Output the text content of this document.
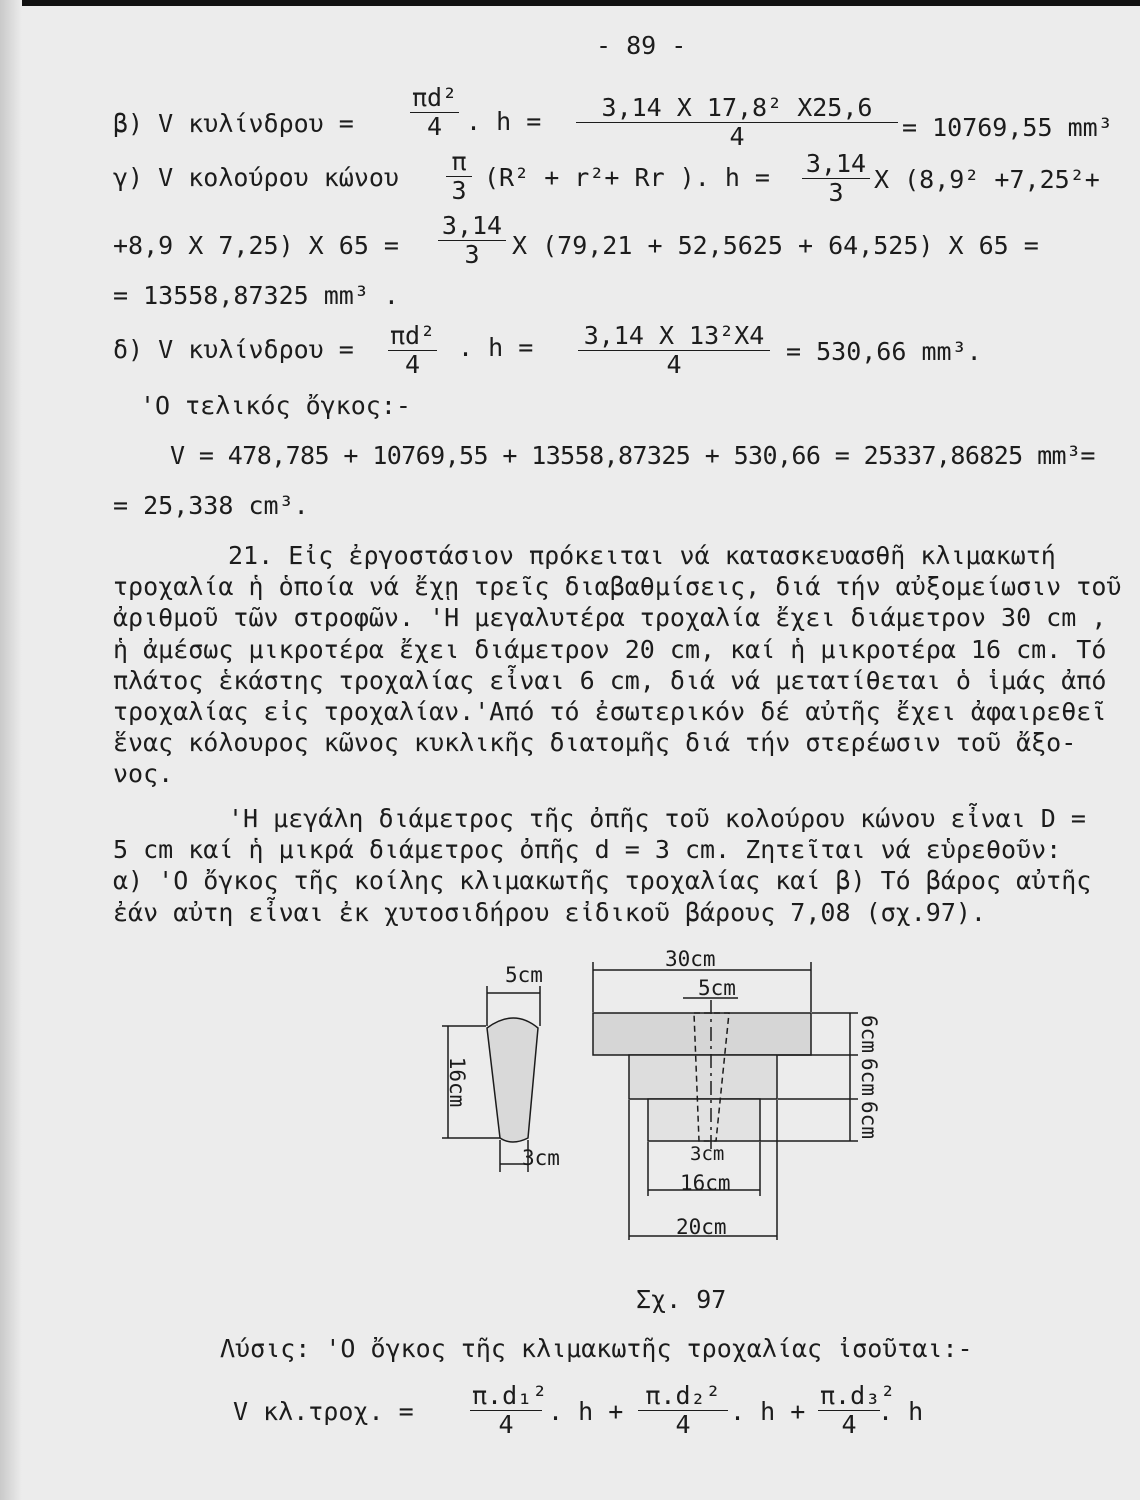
- 89 -
β) V $\kappa\upsilon\lambda ί\nu\delta\rho o\upsilon = \frac{\text{πd²}}{4}$ . $h = \frac{\text{3,14 X 17,8² X25,6}}{4} = 10769,55$ mm³
γ) V κολούρου κώνου $\frac{\pi}{3} (R^2 + r^2+ Rr$ ). $h = \frac{3,14}{3}$ X (8,9² +7,25²+
+8,9 X 7,25) X $65 = \frac{3,14}{3}$ X (79,21 + 52,5625 + 64,525) X 65 =
= 13558,87325 mm³ .
δ) V $\kappa\upsilon\lambda ί\nu\delta\rho o\upsilon = \frac{\text{πd²}}{4}$ . $h = \frac{\text{3,14 X 13²X4}}{4} = 530,66$ mm³.
'Ο τελικός ὄγκος:-
V = 478,785 + 10769,55 + 13558,87325 + 530,66 = 25337,86825 mm³=
= 25,338 cm³.
21. Εἰς ἐργοστάσιον πρόκειται νά κατασκευασθῆ κλιμακωτή
τροχαλία ἡ ὁποία νά ἔχῃ τρεῖς διαβαθμίσεις, διά τήν αὐξομείωσιν τοῦ
ἀριθμοῦ τῶν στροφῶν. 'Η μεγαλυτέρα τροχαλία ἔχει διάμετρον 30 cm ,
ἡ ἀμέσως μικροτέρα ἔχει διάμετρον 20 cm, καί ἡ μικροτέρα 16 cm. Τό
πλάτος ἑκάστης τροχαλίας εἶναι 6 cm, διά νά μετατίθεται ὁ ἱμάς ἀπό
τροχαλίας εἰς τροχαλίαν.'Από τό ἐσωτερικόν δέ αὐτῆς ἔχει ἀφαιρεθεῖ
ἕνας κόλουρος κῶνος κυκλικῆς διατομῆς διά τήν στερέωσιν τοῦ ἄξο-
νος.
'Η μεγάλη διάμετρος τῆς ὀπῆς τοῦ κολούρου κώνου εἶναι D =
5 cm καί ἡ μικρά διάμετρος ὀπῆς d = 3 cm. Ζητεῖται νά εὑρεθοῦν:
α) 'Ο ὄγκος τῆς κοίλης κλιμακωτῆς τροχαλίας καί β) Τό βάρος αὐτῆς
ἐάν αὐτη εἶναι ἐκ χυτοσιδήρου εἰδικοῦ βάρους 7,08 (σχ.97).
5cm
16cm
3cm
30cm
5cm
6cm
6cm
6cm
3cm
16cm
20cm
Σχ. 97
Λύσις: 'Ο ὄγκος τῆς κλιμακωτῆς τροχαλίας ἰσοῦται:-
V κλ.τροχ. = $\frac{\text{π.d₁²}}{4}$ . $h + \frac{\text{π.d₂²}}{4}$ . $h + \frac{\text{π.d₃²}}{4}$
. h
